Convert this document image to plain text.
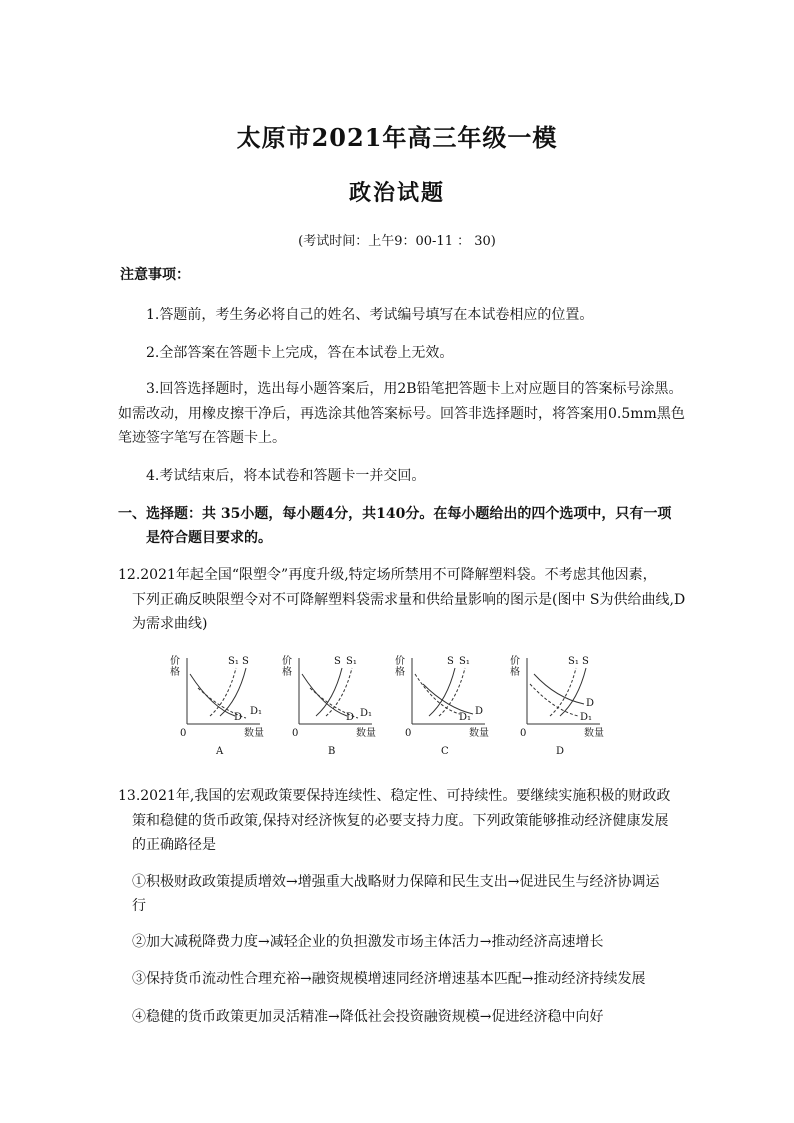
太原市2021年高三年级一模
政治试题
(考试时间：上午9：00-11 ： 30)
注意事项：
1.答题前，考生务必将自己的姓名、考试编号填写在本试卷相应的位置。
2.全部答案在答题卡上完成，答在本试卷上无效。
3.回答选择题时，选出每小题答案后，用2B铅笔把答题卡上对应题目的答案标号涂黑。
如需改动，用橡皮擦干净后，再选涂其他答案标号。回答非选择题时，将答案用0.5mm黑色
笔迹签字笔写在答题卡上。
4.考试结束后，将本试卷和答题卡一并交回。
一、选择题：共 35小题，每小题4分，共140分。在每小题给出的四个选项中，只有一项
是符合题目要求的。
12.2021年起全国“限塑令”再度升级,特定场所禁用不可降解塑料袋。不考虑其他因素，
下列正确反映限塑令对不可降解塑料袋需求量和供给量影响的图示是(图中 S为供给曲线,D
为需求曲线)
价格
0	数量
S₁ S
D
D₁
A
价格
0	数量
S S₁
D D₁
B
价格
0	数量
S S₁
D₁
D
C
价格
0	数量
S₁ S
D
D₁
D
13.2021年,我国的宏观政策要保持连续性、稳定性、可持续性。要继续实施积极的财政政
策和稳健的货币政策,保持对经济恢复的必要支持力度。下列政策能够推动经济健康发展
的正确路径是
①积极财政政策提质增效→增强重大战略财力保障和民生支出→促进民生与经济协调运
行
②加大减税降费力度→减轻企业的负担激发市场主体活力→推动经济高速增长
③保持货币流动性合理充裕→融资规模增速同经济增速基本匹配→推动经济持续发展
④稳健的货币政策更加灵活精准→降低社会投资融资规模→促进经济稳中向好
